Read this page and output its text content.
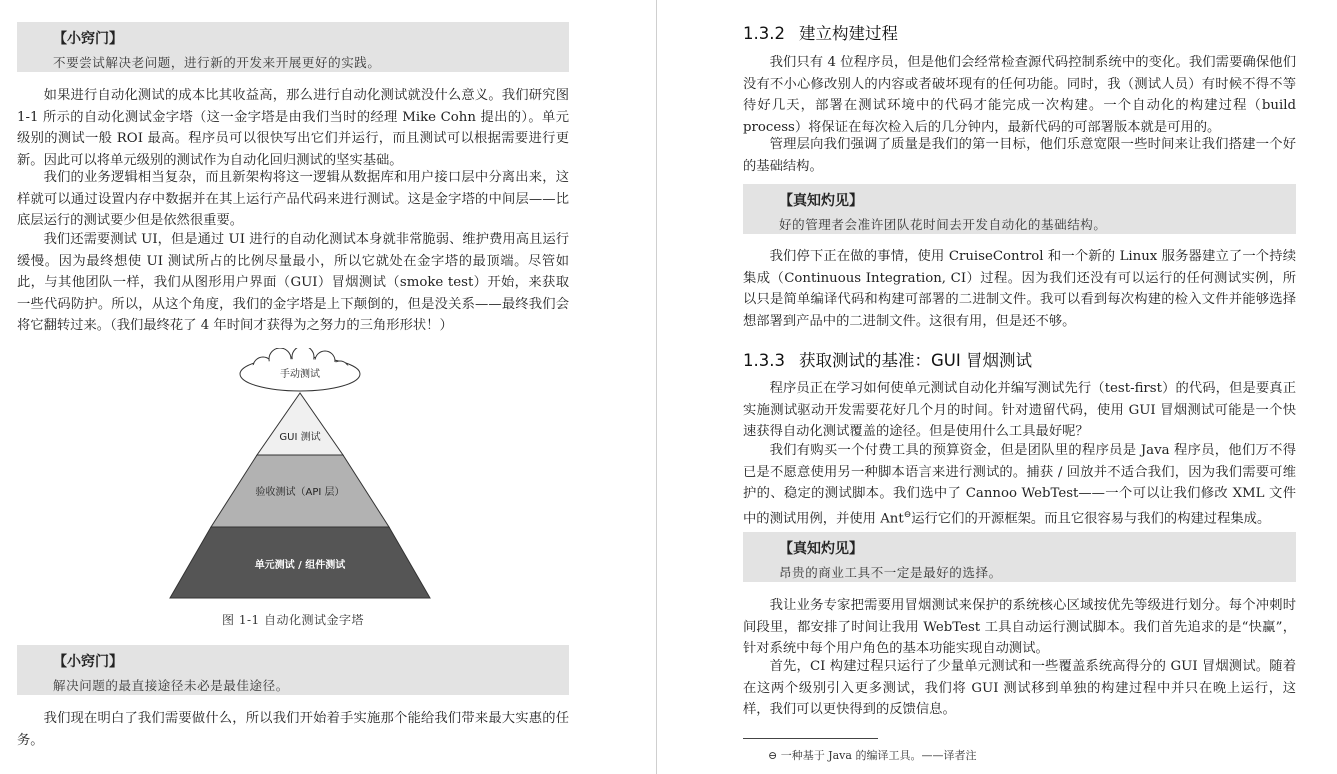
【小窍门】
不要尝试解决老问题，进行新的开发来开展更好的实践。

如果进行自动化测试的成本比其收益高，那么进行自动化测试就没什么意义。我们研究图 1-1 所示的自动化测试金字塔（这一金字塔是由我们当时的经理 Mike Cohn 提出的）。单元级别的测试一般 ROI 最高。程序员可以很快写出它们并运行，而且测试可以根据需要进行更新。因此可以将单元级别的测试作为自动化回归测试的坚实基础。

我们的业务逻辑相当复杂，而且新架构将这一逻辑从数据库和用户接口层中分离出来，这样就可以通过设置内存中数据并在其上运行产品代码来进行测试。这是金字塔的中间层——比底层运行的测试要少但是依然很重要。

我们还需要测试 UI，但是通过 UI 进行的自动化测试本身就非常脆弱、维护费用高且运行缓慢。因为最终想使 UI 测试所占的比例尽量最小，所以它就处在金字塔的最顶端。尽管如此，与其他团队一样，我们从图形用户界面（GUI）冒烟测试（smoke test）开始，来获取一些代码防护。所以，从这个角度，我们的金字塔是上下颠倒的，但是没关系——最终我们会将它翻转过来。（我们最终花了 4 年时间才获得为之努力的三角形形状！）

手动测试
GUI 测试
验收测试（API 层）
单元测试 / 组件测试
图 1-1 自动化测试金字塔
【小窍门】
解决问题的最直接途径未必是最佳途径。

我们现在明白了我们需要做什么，所以我们开始着手实施那个能给我们带来最大实惠的任务。

1.3.2 建立构建过程

我们只有 4 位程序员，但是他们会经常检查源代码控制系统中的变化。我们需要确保他们没有不小心修改别人的内容或者破坏现有的任何功能。同时，我（测试人员）有时候不得不等待好几天，部署在测试环境中的代码才能完成一次构建。一个自动化的构建过程（build process）将保证在每次检入后的几分钟内，最新代码的可部署版本就是可用的。

管理层向我们强调了质量是我们的第一目标，他们乐意宽限一些时间来让我们搭建一个好的基础结构。

【真知灼见】
好的管理者会准许团队花时间去开发自动化的基础结构。

我们停下正在做的事情，使用 CruiseControl 和一个新的 Linux 服务器建立了一个持续集成（Continuous Integration, CI）过程。因为我们还没有可以运行的任何测试实例，所以只是简单编译代码和构建可部署的二进制文件。我可以看到每次构建的检入文件并能够选择想部署到产品中的二进制文件。这很有用，但是还不够。

1.3.3 获取测试的基准：GUI 冒烟测试

程序员正在学习如何使单元测试自动化并编写测试先行（test-first）的代码，但是要真正实施测试驱动开发需要花好几个月的时间。针对遗留代码，使用 GUI 冒烟测试可能是一个快速获得自动化测试覆盖的途径。但是使用什么工具最好呢？

我们有购买一个付费工具的预算资金，但是团队里的程序员是 Java 程序员，他们万不得已是不愿意使用另一种脚本语言来进行测试的。捕获 / 回放并不适合我们，因为我们需要可维护的、稳定的测试脚本。我们选中了 Cannoo WebTest——一个可以让我们修改 XML 文件中的测试用例，并使用 Ant⊖运行它们的开源框架。而且它很容易与我们的构建过程集成。

【真知灼见】
昂贵的商业工具不一定是最好的选择。

我让业务专家把需要用冒烟测试来保护的系统核心区域按优先等级进行划分。每个冲刺时间段里，都安排了时间让我用 WebTest 工具自动运行测试脚本。我们首先追求的是“快赢”，针对系统中每个用户角色的基本功能实现自动测试。

首先，CI 构建过程只运行了少量单元测试和一些覆盖系统高得分的 GUI 冒烟测试。随着在这两个级别引入更多测试，我们将 GUI 测试移到单独的构建过程中并只在晚上运行，这样，我们可以更快得到的反馈信息。

⊖ 一种基于 Java 的编译工具。——译者注
